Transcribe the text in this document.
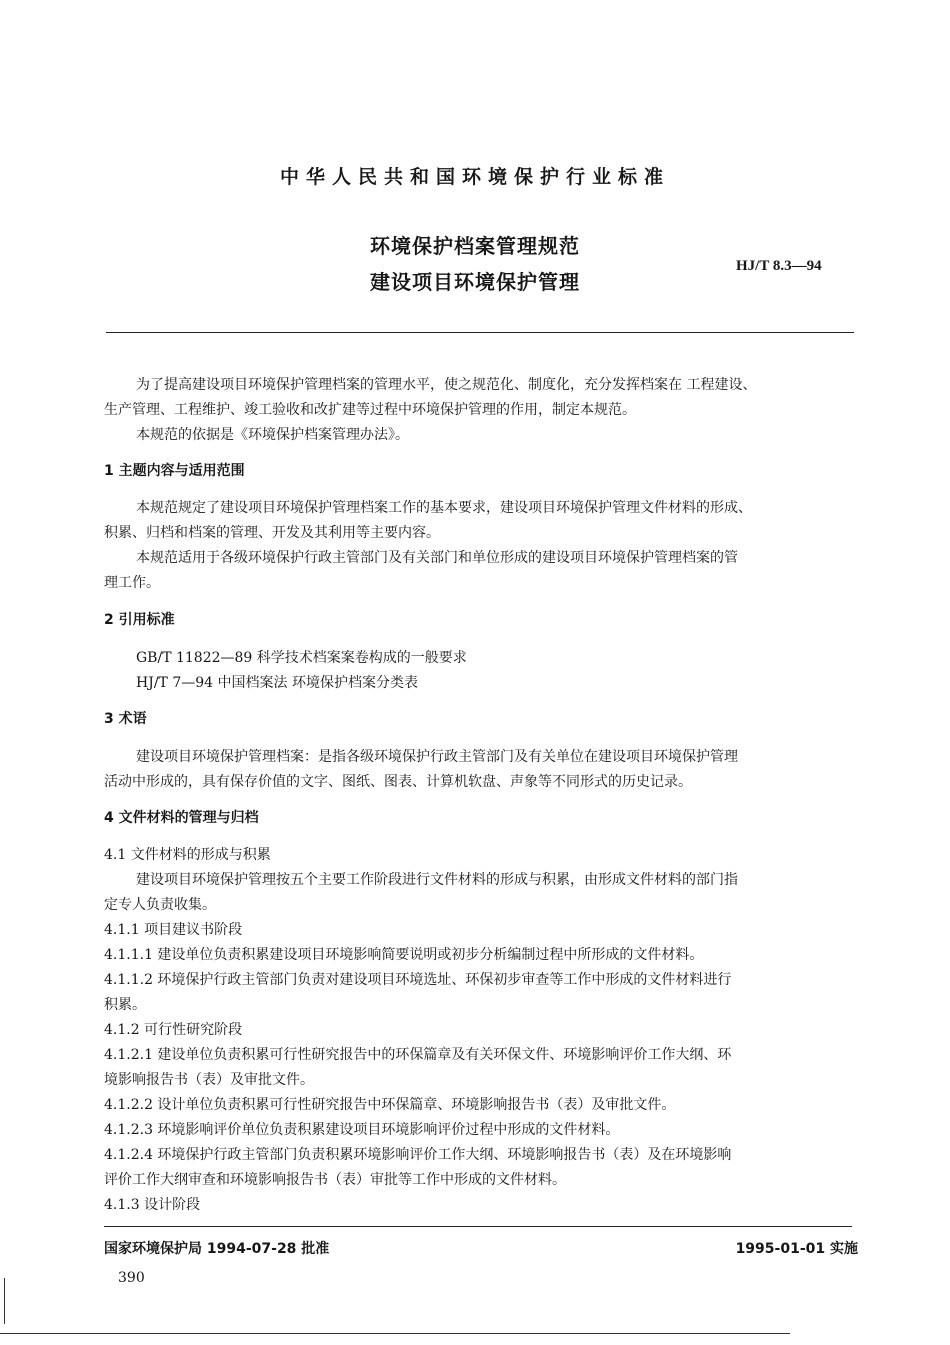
中华人民共和国环境保护行业标准
环境保护档案管理规范
建设项目环境保护管理
HJ/T 8.3—94
为了提高建设项目环境保护管理档案的管理水平，使之规范化、制度化，充分发挥档案在 工程建设、
生产管理、工程维护、竣工验收和改扩建等过程中环境保护管理的作用，制定本规范。
本规范的依据是《环境保护档案管理办法》。
1 主题内容与适用范围
本规范规定了建设项目环境保护管理档案工作的基本要求，建设项目环境保护管理文件材料的形成、
积累、归档和档案的管理、开发及其利用等主要内容。
本规范适用于各级环境保护行政主管部门及有关部门和单位形成的建设项目环境保护管理档案的管
理工作。
2 引用标准
GB/T 11822—89 科学技术档案案卷构成的一般要求
HJ/T 7—94 中国档案法 环境保护档案分类表
3 术语
建设项目环境保护管理档案：是指各级环境保护行政主管部门及有关单位在建设项目环境保护管理
活动中形成的，具有保存价值的文字、图纸、图表、计算机软盘、声象等不同形式的历史记录。
4 文件材料的管理与归档
4.1 文件材料的形成与积累
建设项目环境保护管理按五个主要工作阶段进行文件材料的形成与积累，由形成文件材料的部门指
定专人负责收集。
4.1.1 项目建议书阶段
4.1.1.1 建设单位负责积累建设项目环境影响简要说明或初步分析编制过程中所形成的文件材料。
4.1.1.2 环境保护行政主管部门负责对建设项目环境选址、环保初步审查等工作中形成的文件材料进行
积累。
4.1.2 可行性研究阶段
4.1.2.1 建设单位负责积累可行性研究报告中的环保篇章及有关环保文件、环境影响评价工作大纲、环
境影响报告书（表）及审批文件。
4.1.2.2 设计单位负责积累可行性研究报告中环保篇章、环境影响报告书（表）及审批文件。
4.1.2.3 环境影响评价单位负责积累建设项目环境影响评价过程中形成的文件材料。
4.1.2.4 环境保护行政主管部门负责积累环境影响评价工作大纲、环境影响报告书（表）及在环境影响
评价工作大纲审查和环境影响报告书（表）审批等工作中形成的文件材料。
4.1.3 设计阶段
国家环境保护局 1994-07-28 批准	1995-01-01 实施
390
